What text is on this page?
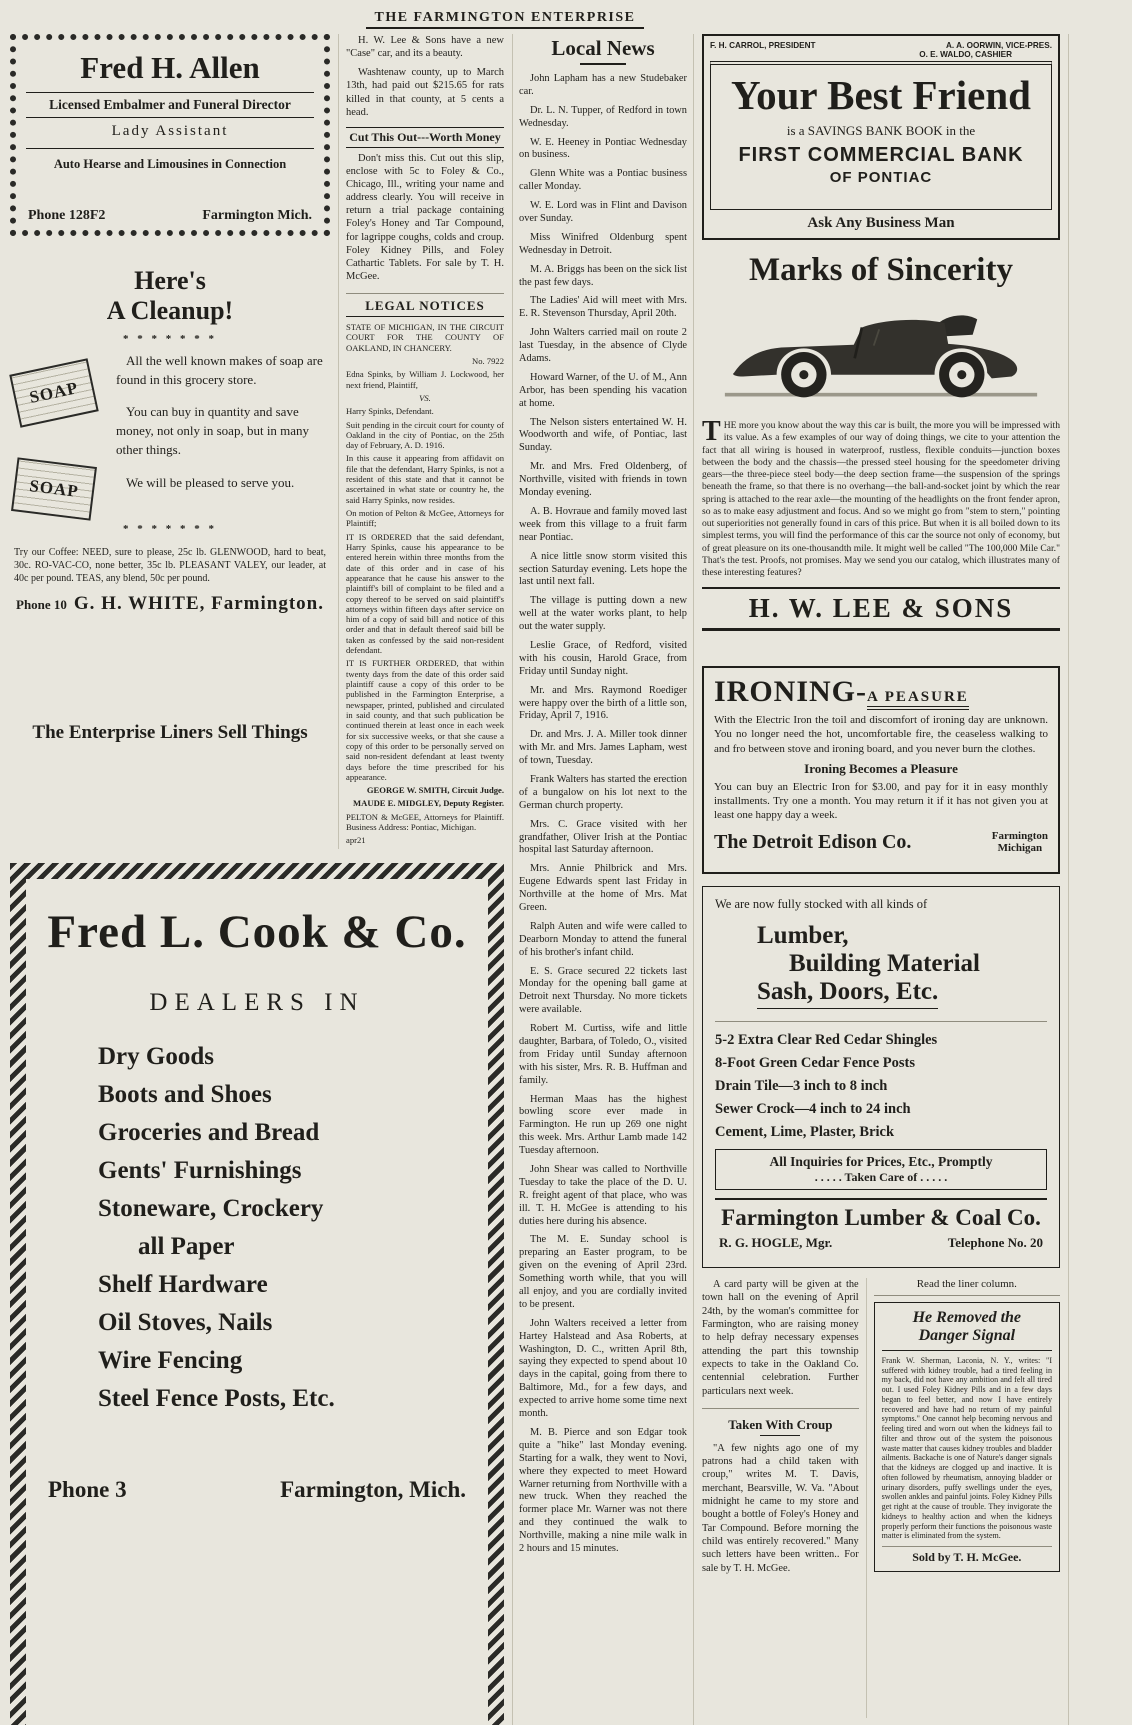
THE FARMINGTON ENTERPRISE
Fred H. Allen
Licensed Embalmer and Funeral Director
Lady Assistant
Auto Hearse and Limousines in Connection
Phone 128F2	Farmington Mich.
Here's
A Cleanup!
* * * * * * *
SOAP
SOAP

All the well known makes of soap are found in this grocery store.

You can buy in quantity and save money, not only in soap, but in many other things.

We will be pleased to serve you.

* * * * * * *
Try our Coffee: NEED, sure to please, 25c lb. GLENWOOD, hard to beat, 30c. RO-VAC-CO, none better, 35c lb. PLEASANT VALEY, our leader, at 40c per pound. TEAS, any blend, 50c per pound.
Phone 10 G. H. WHITE, Farmington.
The Enterprise Liners Sell Things

H. W. Lee & Sons have a new "Case" car, and its a beauty.

Washtenaw county, up to March 13th, had paid out $215.65 for rats killed in that county, at 5 cents a head.

Cut This Out---Worth Money
Don't miss this. Cut out this slip, enclose with 5c to Foley & Co., Chicago, Ill., writing your name and address clearly. You will receive in return a trial package containing Foley's Honey and Tar Compound, for lagrippe coughs, colds and croup. Foley Kidney Pills, and Foley Cathartic Tablets. For sale by T. H. McGee.
LEGAL NOTICES

STATE OF MICHIGAN, IN THE CIRCUIT COURT FOR THE COUNTY OF OAKLAND, IN CHANCERY.

No. 7922

Edna Spinks, by William J. Lockwood, her next friend, Plaintiff,

VS.

Harry Spinks, Defendant.

Suit pending in the circuit court for county of Oakland in the city of Pontiac, on the 25th day of February, A. D. 1916.

In this cause it appearing from affidavit on file that the defendant, Harry Spinks, is not a resident of this state and that it cannot be ascertained in what state or country he, the said Harry Spinks, now resides.

On motion of Pelton & McGee, Attorneys for Plaintiff;

IT IS ORDERED that the said defendant, Harry Spinks, cause his appearance to be entered herein within three months from the date of this order and in case of his appearance that he cause his answer to the plaintiff's bill of complaint to be filed and a copy thereof to be served on said plaintiff's attorneys within fifteen days after service on him of a copy of said bill and notice of this order and that in default thereof said bill be taken as confessed by the said non-resident defendant.

IT IS FURTHER ORDERED, that within twenty days from the date of this order said plaintiff cause a copy of this order to be published in the Farmington Enterprise, a newspaper, printed, published and circulated in said county, and that such publication be continued therein at least once in each week for six successive weeks, or that she cause a copy of this order to be personally served on said non-resident defendant at least twenty days before the time prescribed for his appearance.

GEORGE W. SMITH, Circuit Judge.

MAUDE E. MIDGLEY, Deputy Register.

PELTON & McGEE, Attorneys for Plaintiff. Business Address: Pontiac, Michigan.

apr21

Fred L. Cook & Co.
DEALERS IN

Dry Goods

Boots and Shoes

Groceries and Bread

Gents' Furnishings

Stoneware, Crockery

all Paper

Shelf Hardware

Oil Stoves, Nails

Wire Fencing

Steel Fence Posts, Etc.

Phone 3	Farmington, Mich.
Local News

John Lapham has a new Studebaker car.

Dr. L. N. Tupper, of Redford in town Wednesday.

W. E. Heeney in Pontiac Wednesday on business.

Glenn White was a Pontiac business caller Monday.

W. E. Lord was in Flint and Davison over Sunday.

Miss Winifred Oldenburg spent Wednesday in Detroit.

M. A. Briggs has been on the sick list the past few days.

The Ladies' Aid will meet with Mrs. E. R. Stevenson Thursday, April 20th.

John Walters carried mail on route 2 last Tuesday, in the absence of Clyde Adams.

Howard Warner, of the U. of M., Ann Arbor, has been spending his vacation at home.

The Nelson sisters entertained W. H. Woodworth and wife, of Pontiac, last Sunday.

Mr. and Mrs. Fred Oldenberg, of Northville, visited with friends in town Monday evening.

A. B. Hovraue and family moved last week from this village to a fruit farm near Pontiac.

A nice little snow storm visited this section Saturday evening. Lets hope the last until next fall.

The village is putting down a new well at the water works plant, to help out the water supply.

Leslie Grace, of Redford, visited with his cousin, Harold Grace, from Friday until Sunday night.

Mr. and Mrs. Raymond Roediger were happy over the birth of a little son, Friday, April 7, 1916.

Dr. and Mrs. J. A. Miller took dinner with Mr. and Mrs. James Lapham, west of town, Tuesday.

Frank Walters has started the erection of a bungalow on his lot next to the German church property.

Mrs. C. Grace visited with her grandfather, Oliver Irish at the Pontiac hospital last Saturday afternoon.

Mrs. Annie Philbrick and Mrs. Eugene Edwards spent last Friday in Northville at the home of Mrs. Mat Green.

Ralph Auten and wife were called to Dearborn Monday to attend the funeral of his brother's infant child.

E. S. Grace secured 22 tickets last Monday for the opening ball game at Detroit next Thursday. No more tickets were available.

Robert M. Curtiss, wife and little daughter, Barbara, of Toledo, O., visited from Friday until Sunday afternoon with his sister, Mrs. R. B. Huffman and family.

Herman Maas has the highest bowling score ever made in Farmington. He run up 269 one night this week. Mrs. Arthur Lamb made 142 Tuesday afternoon.

John Shear was called to Northville Tuesday to take the place of the D. U. R. freight agent of that place, who was ill. T. H. McGee is attending to his duties here during his absence.

The M. E. Sunday school is preparing an Easter program, to be given on the evening of April 23rd. Something worth while, that you will all enjoy, and you are cordially invited to be present.

John Walters received a letter from Hartey Halstead and Asa Roberts, at Washington, D. C., written April 8th, saying they expected to spend about 10 days in the capital, going from there to Baltimore, Md., for a few days, and expected to arrive home some time next month.

M. B. Pierce and son Edgar took quite a "hike" last Monday evening. Starting for a walk, they went to Novi, where they expected to meet Howard Warner returning from Northville with a new truck. When they reached the former place Mr. Warner was not there and they continued the walk to Northville, making a nine mile walk in 2 hours and 15 minutes.

F. H. CARROL, PRESIDENT	A. A. OORWIN, VICE-PRES.
O. E. WALDO, CASHIER
Your Best Friend
is a SAVINGS BANK BOOK in the
FIRST COMMERCIAL BANK
OF PONTIAC
Ask Any Business Man
Marks of Sincerity
THE more you know about the way this car is built, the more you will be impressed with its value. As a few examples of our way of doing things, we cite to your attention the fact that all wiring is housed in waterproof, rustless, flexible conduits—junction boxes between the body and the chassis—the pressed steel housing for the speedometer driving gears—the three-piece steel body—the deep section frame—the suspension of the springs beneath the frame, so that there is no overhang—the ball-and-socket joint by which the rear spring is attached to the rear axle—the mounting of the headlights on the front fender apron, so as to make easy adjustment and focus. And so we might go from "stem to stern," pointing out superiorities not generally found in cars of this price. But when it is all boiled down to its simplest terms, you will find the performance of this car the source not only of economy, but of great pleasure on its one-thousandth mile. It might well be called "The 100,000 Mile Car." That's the test. Proofs, not promises. May we send you our catalog, which illustrates many of these interesting features?
H. W. LEE & SONS
IRONING-A PEASURE

With the Electric Iron the toil and discomfort of ironing day are unknown. You no longer need the hot, uncomfortable fire, the ceaseless walking to and fro between stove and ironing board, and you never burn the clothes.

Ironing Becomes a Pleasure

You can buy an Electric Iron for $3.00, and pay for it in easy monthly installments. Try one a month. You may return it if it has not given you at least one happy day a week.

The Detroit Edison Co.	Farmington
Michigan
We are now fully stocked with all kinds of
Lumber,
Building Material
Sash, Doors, Etc.

5-2 Extra Clear Red Cedar Shingles

8-Foot Green Cedar Fence Posts

Drain Tile—3 inch to 8 inch

Sewer Crock—4 inch to 24 inch

Cement, Lime, Plaster, Brick

All Inquiries for Prices, Etc., Promptly
. . . . . Taken Care of . . . . .
Farmington Lumber & Coal Co.
R. G. HOGLE, Mgr.	Telephone No. 20

A card party will be given at the town hall on the evening of April 24th, by the woman's committee for Farmington, who are raising money to help defray necessary expenses attending the part this township expects to take in the Oakland Co. centennial celebration. Further particulars next week.

Taken With Croup

"A few nights ago one of my patrons had a child taken with croup," writes M. T. Davis, merchant, Bearsville, W. Va. "About midnight he came to my store and bought a bottle of Foley's Honey and Tar Compound. Before morning the child was entirely recovered." Many such letters have been written.. For sale by T. H. McGee.

Read the liner column.
He Removed the
Danger Signal
Frank W. Sherman, Laconia, N. Y., writes: "I suffered with kidney trouble, had a tired feeling in my back, did not have any ambition and felt all tired out. I used Foley Kidney Pills and in a few days began to feel better, and now I have entirely recovered and have had no return of my painful symptoms." One cannot help becoming nervous and feeling tired and worn out when the kidneys fail to filter and throw out of the system the poisonous waste matter that causes kidney troubles and bladder ailments. Backache is one of Nature's danger signals that the kidneys are clogged up and inactive. It is often followed by rheumatism, annoying bladder or urinary disorders, puffy swellings under the eyes, swollen ankles and painful joints. Foley Kidney Pills get right at the cause of trouble. They invigorate the kidneys to healthy action and when the kidneys properly perform their functions the poisonous waste matter is eliminated from the system.
Sold by T. H. McGee.
